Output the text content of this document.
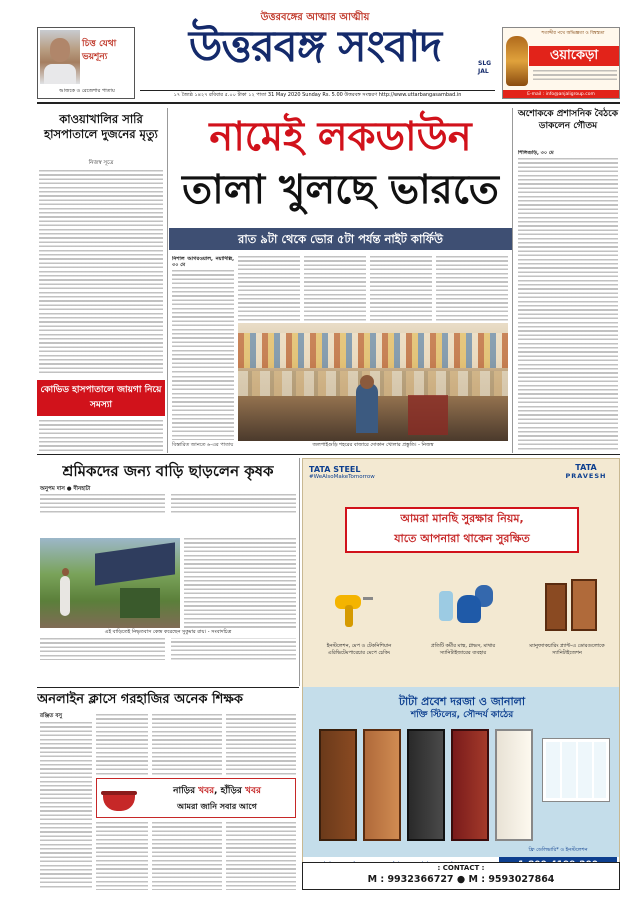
চিত্ত যেথা ভয়শূন্য
আজকে ও রেজেশার পাতায়
উত্তরবঙ্গের আত্মার আত্মীয়
উত্তরবঙ্গ সংবাদ	SLG
JAL
শতাব্দীর পথে অভিজ্ঞতা ও বিশ্বস্ততা
ওয়াকেড়া
E-mail : info@anjaligroup.com
১৭ জ্যৈষ্ঠ ১৪২৭ রবিবার ৫.০০ টাকা ১২ পাতা 31 May 2020 Sunday Rs. 5.00 উত্তরবঙ্গ সংস্করণ http://www.uttarbangasambad.in
কাওয়াখালির সারি হাসপাতালে দুজনের মৃত্যু
নিজস্ব সূত্রে
কোভিড হাসপাতালে জায়গা নিয়ে সমস্যা
নামেই লকডাউন
তালা খুলছে ভারতে
রাত ৯টা থেকে ভোর ৫টা পর্যন্ত নাইট কার্ফিউ
নিশাল আগরওয়াল, নয়াদিল্লি, ৩০ মে
জলপাইগুড়ি শহরের বাজারে দোকান খোলার প্রস্তুতি। - নিজস্ব
বিস্তারিত জানতে ৬-এর পাতায়
অশোককে প্রশাসনিক বৈঠকে ডাকলেন গৌতম
শিলিগুড়ি, ৩০ মে
শ্রমিকদের জন্য বাড়ি ছাড়লেন কৃষক
অনুপম দাস ● দীনহাটা
এই বাড়িতেই নিভৃতবাস কেন্দ্র করেছেন সুকুমার রায়। - সংবাদচিত্র
TATA STEEL
#WeAlsoMakeTomorrow
TATA
PRAVESH
আমরা মানছি সুরক্ষার নিয়ম,
যাতে আপনারা থাকেন সুরক্ষিত
ইনস্টলেশন, মেপ ও টেকনিশিয়ান এরিভিটেমপারেচার মেপে চেকিং
প্রতিটি কর্মীর মাস্ক, গ্লাভস, মাথার স্যানিটাইজারের ব্যবহার
ম্যানুফ্যাকচারিং প্ল্যান্ট-এ ডোরগুলোকে স্যানিটাইজেশন
টাটা প্রবেশ দরজা ও জানালা
শক্তি স্টিলের, সৌন্দর্য কাঠের
ফ্রি ডেলিভারি* ও ইনস্টলেশন
: CONTACT :
M : 9932366727 ● M : 9593027864
অনলাইন ক্লাসে গরহাজির অনেক শিক্ষক
রঞ্জিত বসু
নাড়ির খবর, হাঁড়ির খবর
আমরা জানি সবার আগে
